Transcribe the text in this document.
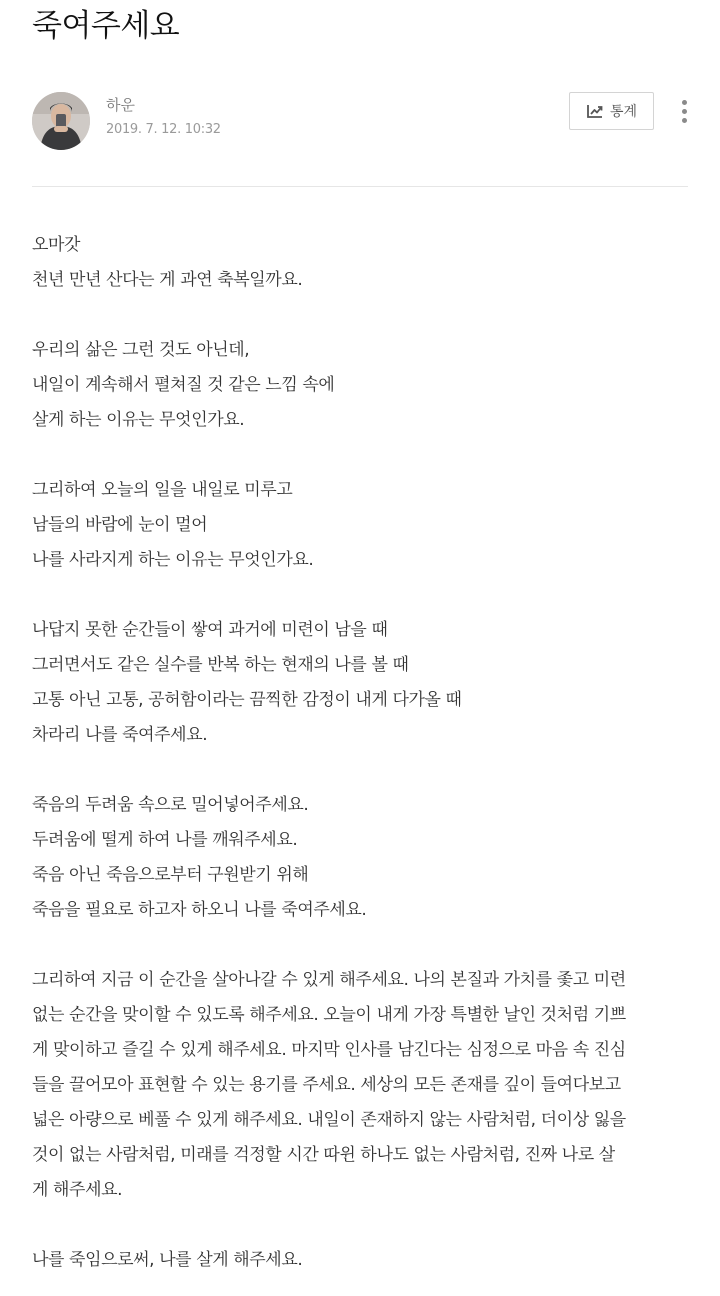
죽여주세요
하운
2019. 7. 12. 10:32
통계
오마갓
천년 만년 산다는 게 과연 축복일까요.
우리의 삶은 그런 것도 아닌데,
내일이 계속해서 펼쳐질 것 같은 느낌 속에
살게 하는 이유는 무엇인가요.
그리하여 오늘의 일을 내일로 미루고
남들의 바람에 눈이 멀어
나를 사라지게 하는 이유는 무엇인가요.
나답지 못한 순간들이 쌓여 과거에 미련이 남을 때
그러면서도 같은 실수를 반복 하는 현재의 나를 볼 때
고통 아닌 고통, 공허함이라는 끔찍한 감정이 내게 다가올 때
차라리 나를 죽여주세요.
죽음의 두려움 속으로 밀어넣어주세요.
두려움에 떨게 하여 나를 깨워주세요.
죽음 아닌 죽음으로부터 구원받기 위해
죽음을 필요로 하고자 하오니 나를 죽여주세요.
그리하여 지금 이 순간을 살아나갈 수 있게 해주세요. 나의 본질과 가치를 좇고 미련
없는 순간을 맞이할 수 있도록 해주세요. 오늘이 내게 가장 특별한 날인 것처럼 기쁘
게 맞이하고 즐길 수 있게 해주세요. 마지막 인사를 남긴다는 심정으로 마음 속 진심
들을 끌어모아 표현할 수 있는 용기를 주세요. 세상의 모든 존재를 깊이 들여다보고
넓은 아량으로 베풀 수 있게 해주세요. 내일이 존재하지 않는 사람처럼, 더이상 잃을
것이 없는 사람처럼, 미래를 걱정할 시간 따윈 하나도 없는 사람처럼, 진짜 나로 살
게 해주세요.
나를 죽임으로써, 나를 살게 해주세요.
